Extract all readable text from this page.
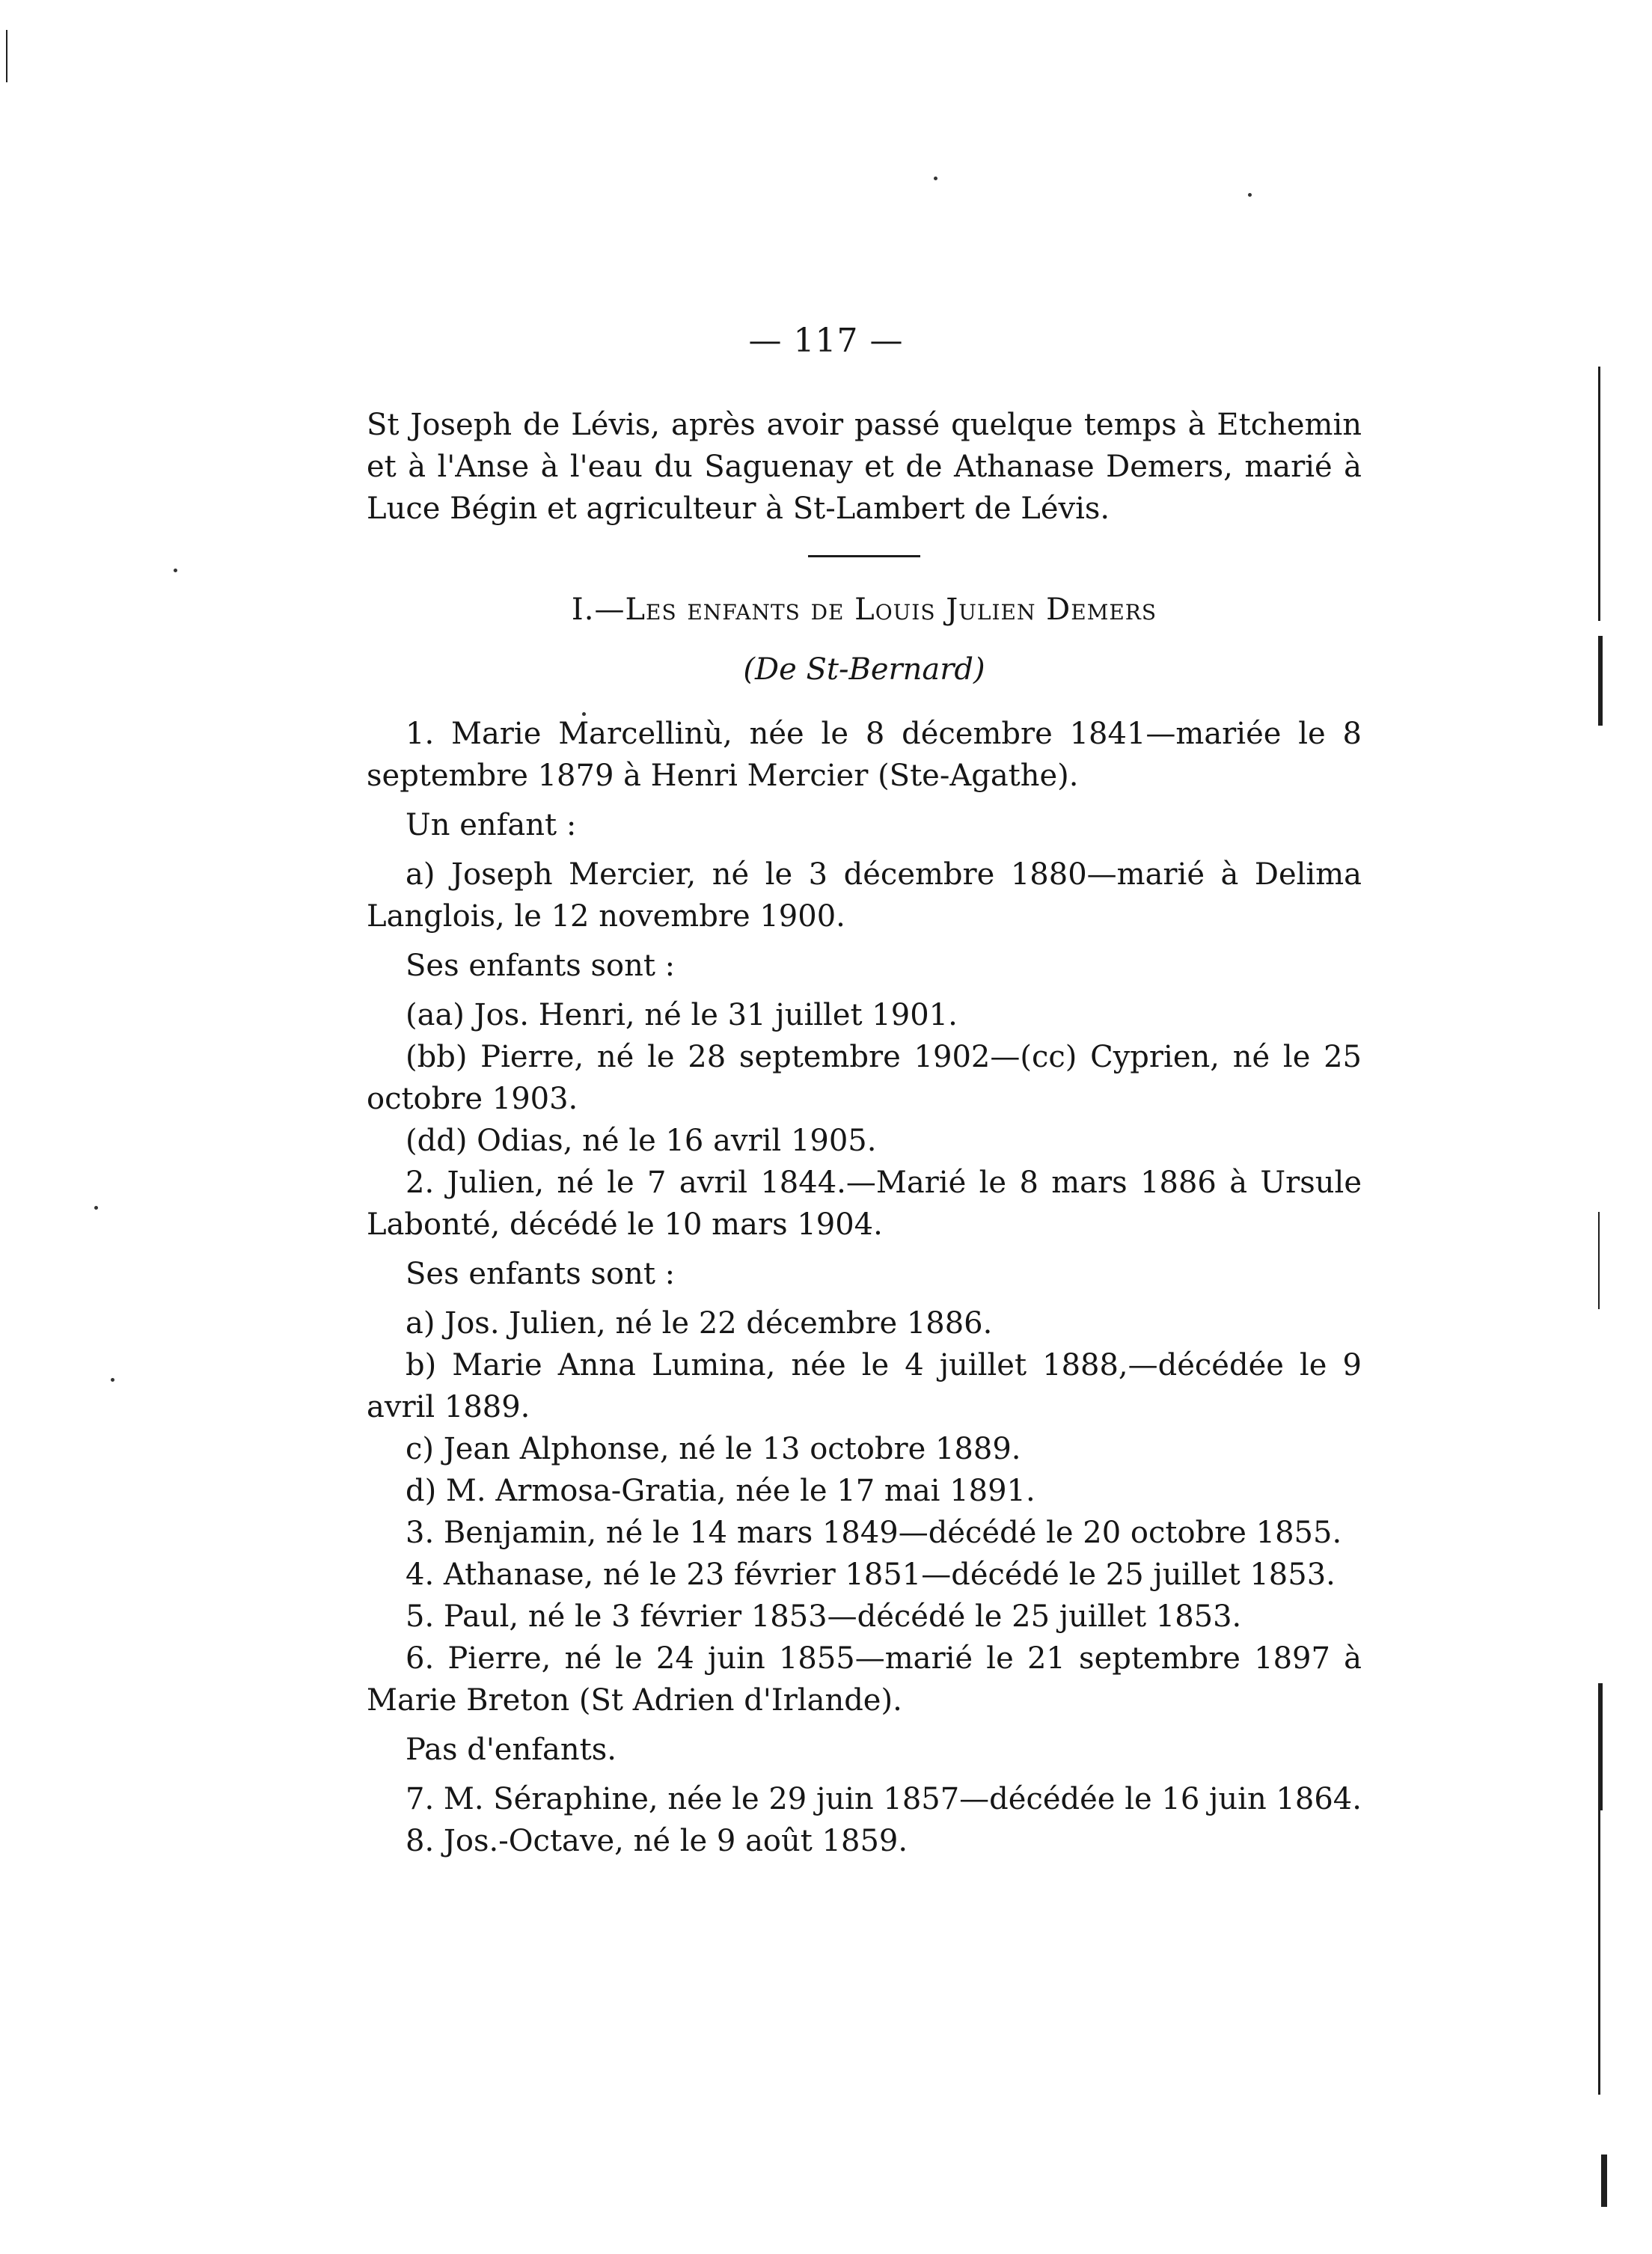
— 117 —

St Joseph de Lévis, après avoir passé quelque temps à Etchemin et à l'Anse à l'eau du Saguenay et de Athanase Demers, marié à Luce Bégin et agriculteur à St-Lambert de Lévis.

I.—Les enfants de Louis Julien Demers

(De St-Bernard)

1. Marie Marcellinù, née le 8 décembre 1841—mariée le 8 septembre 1879 à Henri Mercier (Ste-Agathe).

Un enfant :

a) Joseph Mercier, né le 3 décembre 1880—marié à Delima Langlois, le 12 novembre 1900.

Ses enfants sont :

(aa) Jos. Henri, né le 31 juillet 1901.

(bb) Pierre, né le 28 septembre 1902—(cc) Cyprien, né le 25 octobre 1903.

(dd) Odias, né le 16 avril 1905.

2. Julien, né le 7 avril 1844.—Marié le 8 mars 1886 à Ursule Labonté, décédé le 10 mars 1904.

Ses enfants sont :

a) Jos. Julien, né le 22 décembre 1886.

b) Marie Anna Lumina, née le 4 juillet 1888,—décédée le 9 avril 1889.

c) Jean Alphonse, né le 13 octobre 1889.

d) M. Armosa-Gratia, née le 17 mai 1891.

3. Benjamin, né le 14 mars 1849—décédé le 20 octobre 1855.

4. Athanase, né le 23 février 1851—décédé le 25 juillet 1853.

5. Paul, né le 3 février 1853—décédé le 25 juillet 1853.

6. Pierre, né le 24 juin 1855—marié le 21 septembre 1897 à Marie Breton (St Adrien d'Irlande).

Pas d'enfants.

7. M. Séraphine, née le 29 juin 1857—décédée le 16 juin 1864.

8. Jos.-Octave, né le 9 août 1859.
